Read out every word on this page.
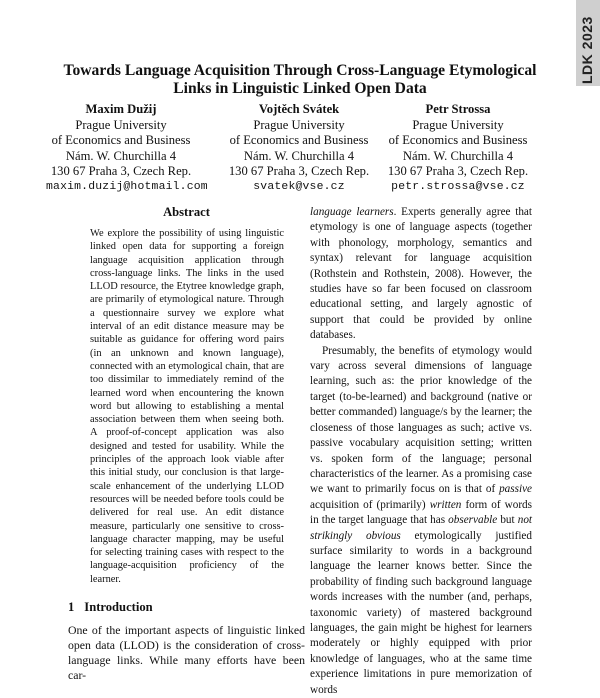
LDK 2023
Towards Language Acquisition Through Cross-Language Etymological
Links in Linguistic Linked Open Data
Maxim Dužij
Prague University
of Economics and Business
Nám. W. Churchilla 4
130 67 Praha 3, Czech Rep.
maxim.duzij@hotmail.com
Vojtěch Svátek
Prague University
of Economics and Business
Nám. W. Churchilla 4
130 67 Praha 3, Czech Rep.
svatek@vse.cz
Petr Strossa
Prague University
of Economics and Business
Nám. W. Churchilla 4
130 67 Praha 3, Czech Rep.
petr.strossa@vse.cz
Abstract
We explore the possibility of using linguistic linked open data for supporting a foreign language acquisition application through cross-language links. The links in the used LLOD resource, the Etytree knowledge graph, are primarily of etymological nature. Through a questionnaire survey we explore what interval of an edit distance measure may be suitable as guidance for offering word pairs (in an unknown and known language), connected with an etymological chain, that are too dissimilar to immediately remind of the learned word when encountering the known word but allowing to establishing a mental association between them when seeing both. A proof-of-concept application was also designed and tested for usability. While the principles of the approach look viable after this initial study, our conclusion is that large-scale enhancement of the underlying LLOD resources will be needed before tools could be delivered for real use. An edit distance measure, particularly one sensitive to cross-language character mapping, may be useful for selecting training cases with respect to the language-acquisition proficiency of the learner.
1 Introduction
One of the important aspects of linguistic linked open data (LLOD) is the consideration of cross-language links. While many efforts have been car-

language learners. Experts generally agree that etymology is one of language aspects (together with phonology, morphology, semantics and syntax) relevant for language acquisition (Rothstein and Rothstein, 2008). However, the studies have so far been focused on classroom educational setting, and largely agnostic of support that could be provided by online databases.

Presumably, the benefits of etymology would vary across several dimensions of language learning, such as: the prior knowledge of the target (to-be-learned) and background (native or better commanded) language/s by the learner; the closeness of those languages as such; active vs. passive vocabulary acquisition setting; written vs. spoken form of the language; personal characteristics of the learner. As a promising case we want to primarily focus on is that of passive acquisition of (primarily) written form of words in the target language that has observable but not strikingly obvious etymologically justified surface similarity to words in a background language the learner knows better. Since the probability of finding such background language words increases with the number (and, perhaps, taxonomic variety) of mastered background languages, the gain might be highest for learners moderately or highly equipped with prior knowledge of languages, who at the same time experience limitations in pure memorization of words
